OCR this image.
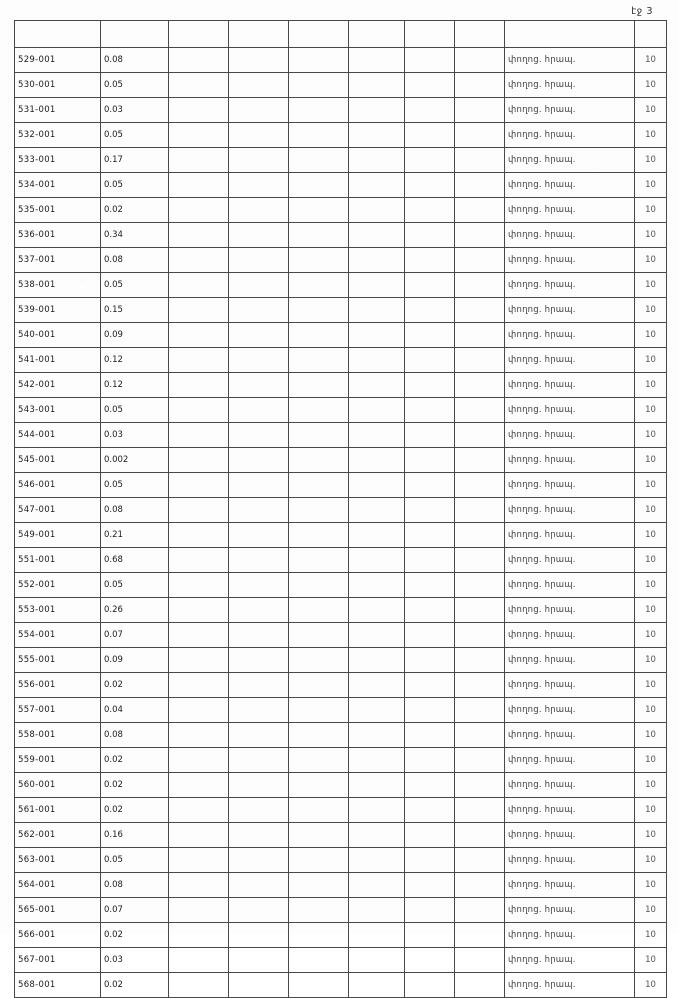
էջ 3

529-001	0.08							փողոց. հրապ.	10
530-001	0.05							փողոց. հրապ.	10
531-001	0.03							փողոց. հրապ.	10
532-001	0.05							փողոց. հրապ.	10
533-001	0.17							փողոց. հրապ.	10
534-001	0.05							փողոց. հրապ.	10
535-001	0.02							փողոց. հրապ.	10
536-001	0.34							փողոց. հրապ.	10
537-001	0.08							փողոց. հրապ.	10
538-001	0.05							փողոց. հրապ.	10
539-001	0.15							փողոց. հրապ.	10
540-001	0.09							փողոց. հրապ.	10
541-001	0.12							փողոց. հրապ.	10
542-001	0.12							փողոց. հրապ.	10
543-001	0.05							փողոց. հրապ.	10
544-001	0.03							փողոց. հրապ.	10
545-001	0.002							փողոց. հրապ.	10
546-001	0.05							փողոց. հրապ.	10
547-001	0.08							փողոց. հրապ.	10
549-001	0.21							փողոց. հրապ.	10
551-001	0.68							փողոց. հրապ.	10
552-001	0.05							փողոց. հրապ.	10
553-001	0.26							փողոց. հրապ.	10
554-001	0.07							փողոց. հրապ.	10
555-001	0.09							փողոց. հրապ.	10
556-001	0.02							փողոց. հրապ.	10
557-001	0.04							փողոց. հրապ.	10
558-001	0.08							փողոց. հրապ.	10
559-001	0.02							փողոց. հրապ.	10
560-001	0.02							փողոց. հրապ.	10
561-001	0.02							փողոց. հրապ.	10
562-001	0.16							փողոց. հրապ.	10
563-001	0.05							փողոց. հրապ.	10
564-001	0.08							փողոց. հրապ.	10
565-001	0.07							փողոց. հրապ.	10
566-001	0.02							փողոց. հրապ.	10
567-001	0.03							փողոց. հրապ.	10
568-001	0.02							փողոց. հրապ.	10
